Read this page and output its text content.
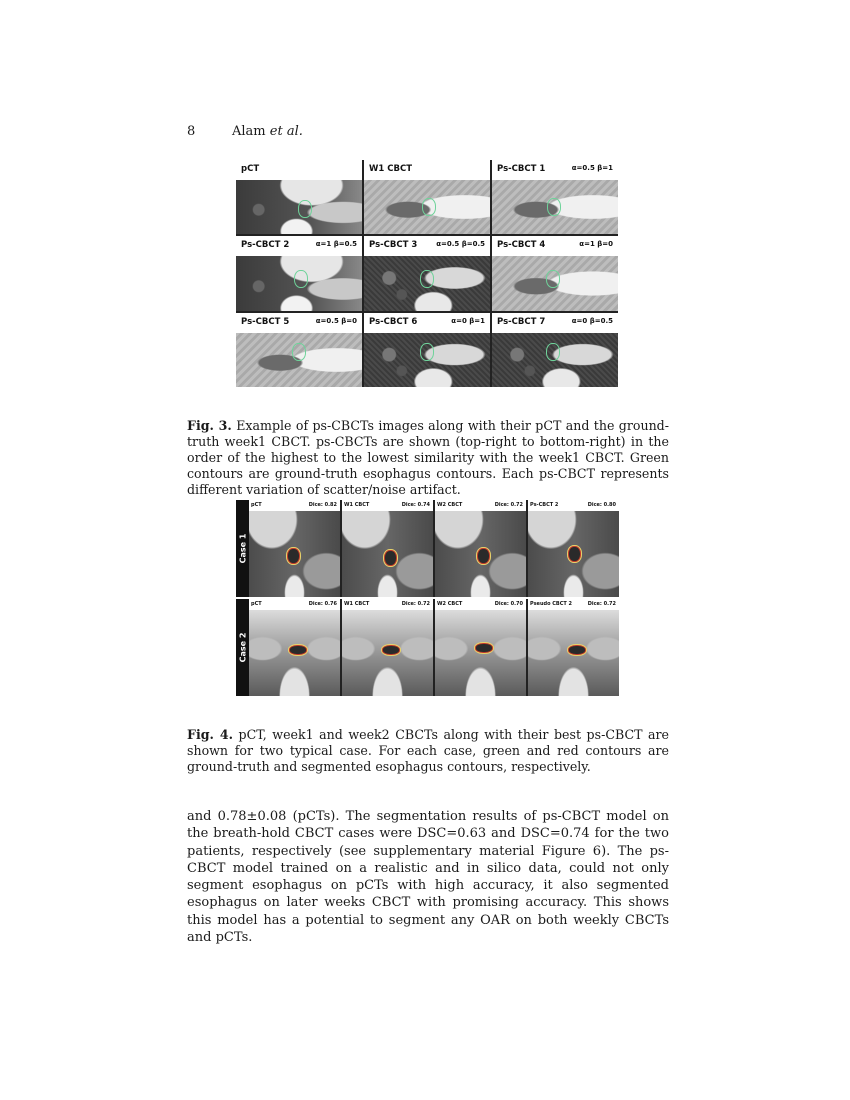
8	Alam et al.
pCT	W1 CBCT	Ps-CBCT 1	α=0.5 β=1
Ps-CBCT 2	α=1 β=0.5 Ps-CBCT 3	α=0.5 β=0.5 Ps-CBCT 4	α=1 β=0
Ps-CBCT 5	α=0.5 β=0 Ps-CBCT 6	α=0 β=1 Ps-CBCT 7	α=0 β=0.5

Fig. 3. Example of ps-CBCTs images along with their pCT and the ground-truth week1 CBCT. ps-CBCTs are shown (top-right to bottom-right) in the order of the highest to the lowest similarity with the week1 CBCT. Green contours are ground-truth esophagus contours. Each ps-CBCT represents different variation of scatter/noise artifact.

Case 1
pCT	Dice: 0.82 W1 CBCT	Dice: 0.74 W2 CBCT	Dice: 0.72 Ps-CBCT 2	Dice: 0.80
Case 2
pCT	Dice: 0.76 W1 CBCT	Dice: 0.72 W2 CBCT	Dice: 0.70 Pseudo CBCT 2	Dice: 0.72

Fig. 4. pCT, week1 and week2 CBCTs along with their best ps-CBCT are shown for two typical case. For each case, green and red contours are ground-truth and segmented esophagus contours, respectively.

and 0.78±0.08 (pCTs). The segmentation results of ps-CBCT model on the breath-hold CBCT cases were DSC=0.63 and DSC=0.74 for the two patients, respectively (see supplementary material Figure 6). The ps-CBCT model trained on a realistic and in silico data, could not only segment esophagus on pCTs with high accuracy, it also segmented esophagus on later weeks CBCT with promising accuracy. This shows this model has a potential to segment any OAR on both weekly CBCTs and pCTs.
